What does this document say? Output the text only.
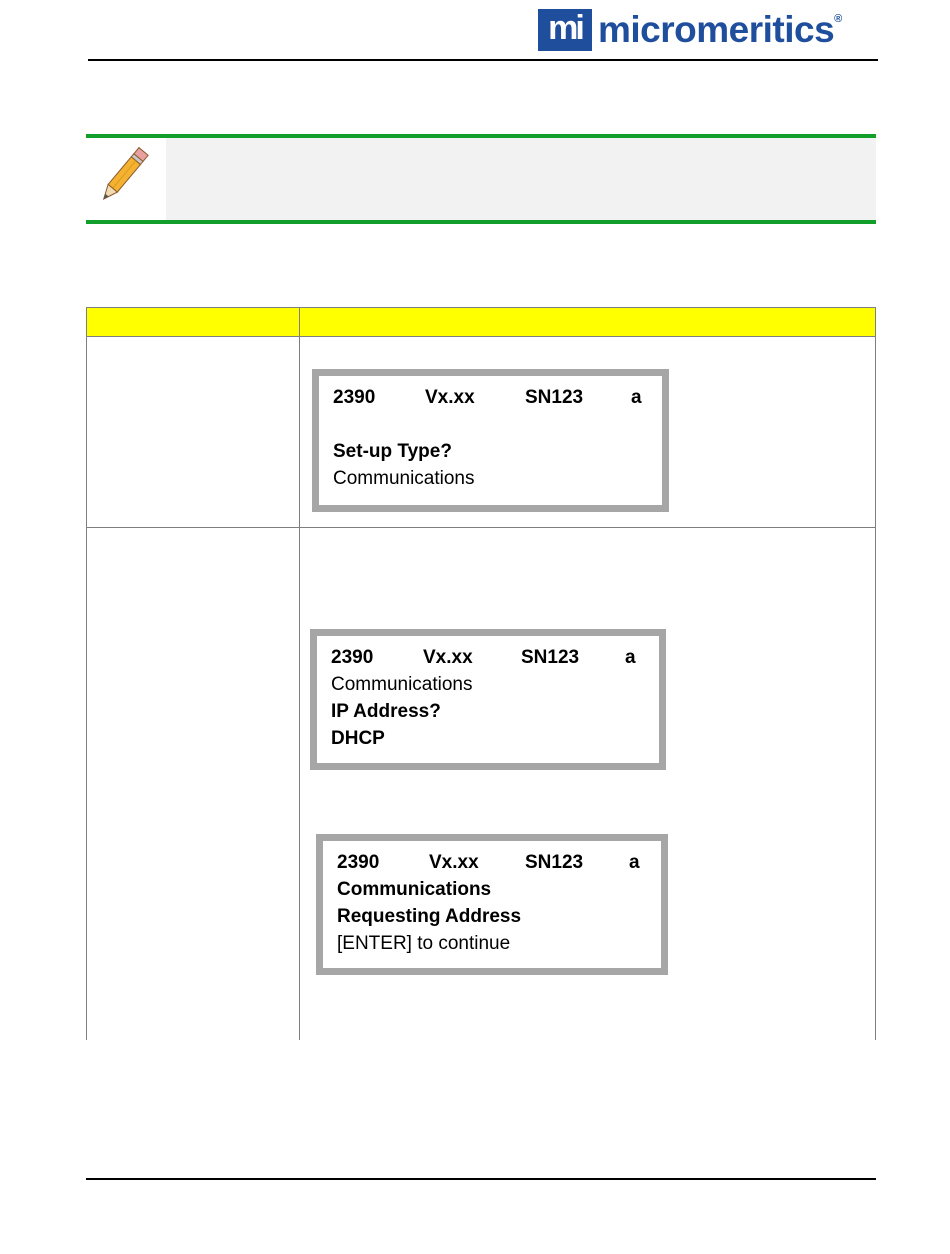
mi micromeritics®
2390	Vx.xx	SN123	a
Set-up Type?
Communications
2390	Vx.xx	SN123 a
Communications
IP Address?
DHCP
2390	Vx.xx SN123 a
Communications
Requesting Address
[ENTER] to continue
